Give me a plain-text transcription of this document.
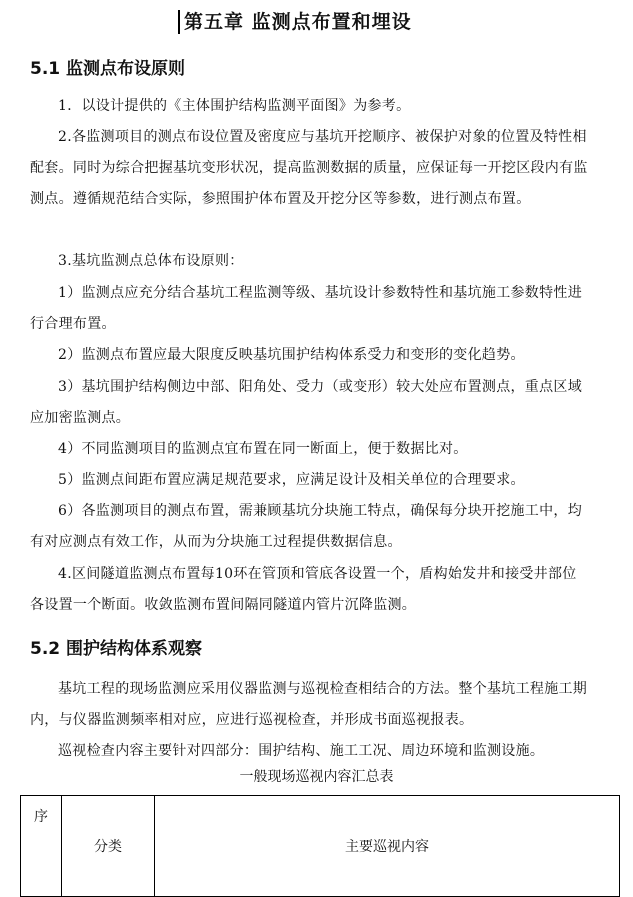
第五章 监测点布置和埋设
5.1 监测点布设原则

1．以设计提供的《主体围护结构监测平面图》为参考。

2.各监测项目的测点布设位置及密度应与基坑开挖顺序、被保护对象的位置及特性相配套。同时为综合把握基坑变形状况，提高监测数据的质量，应保证每一开挖区段内有监测点。遵循规范结合实际，参照围护体布置及开挖分区等参数，进行测点布置。

3.基坑监测点总体布设原则：

1）监测点应充分结合基坑工程监测等级、基坑设计参数特性和基坑施工参数特性进行合理布置。

2）监测点布置应最大限度反映基坑围护结构体系受力和变形的变化趋势。

3）基坑围护结构侧边中部、阳角处、受力（或变形）较大处应布置测点，重点区域应加密监测点。

4）不同监测项目的监测点宜布置在同一断面上，便于数据比对。

5）监测点间距布置应满足规范要求，应满足设计及相关单位的合理要求。

6）各监测项目的测点布置，需兼顾基坑分块施工特点，确保每分块开挖施工中，均有对应测点有效工作，从而为分块施工过程提供数据信息。

4.区间隧道监测点布置每10环在管顶和管底各设置一个，盾构始发井和接受井部位各设置一个断面。收敛监测布置间隔同隧道内管片沉降监测。

5.2 围护结构体系观察

基坑工程的现场监测应采用仪器监测与巡视检查相结合的方法。整个基坑工程施工期内，与仪器监测频率相对应，应进行巡视检查，并形成书面巡视报表。

巡视检查内容主要针对四部分：围护结构、施工工况、周边环境和监测设施。

一般现场巡视内容汇总表
序	分类	主要巡视内容
